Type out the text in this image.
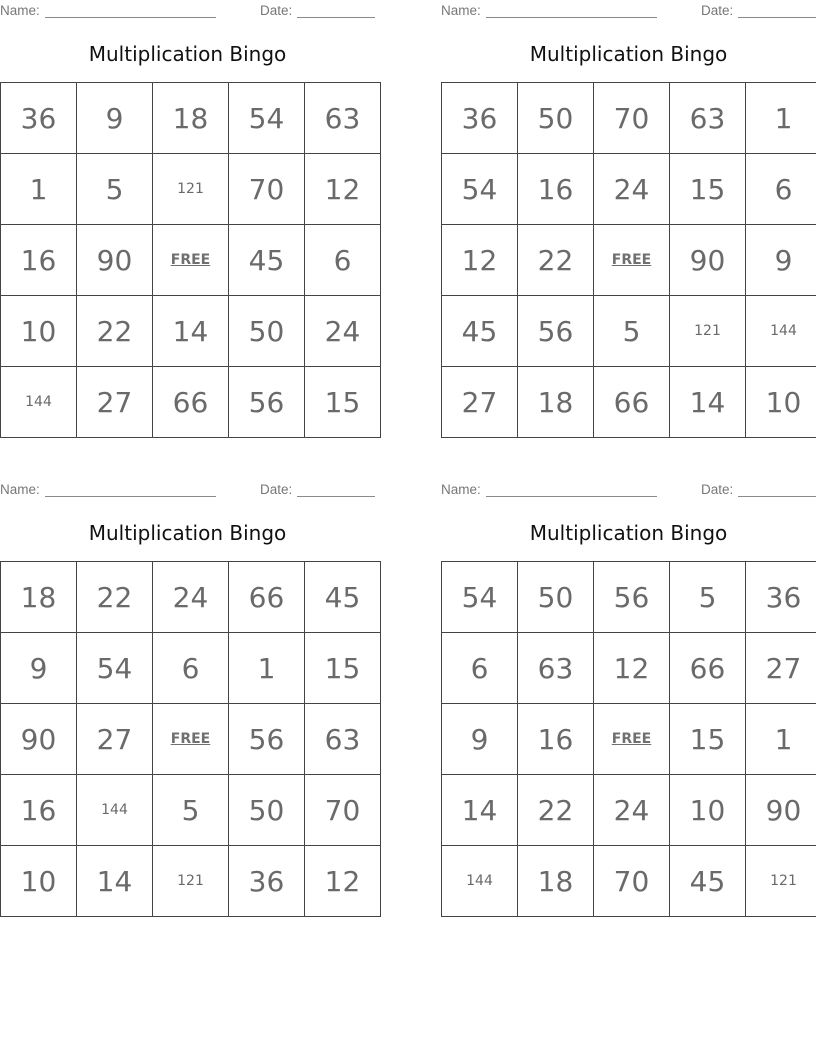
Name:	Date:
Multiplication Bingo
36	9	18	54	63
1	5	121	70	12
16	90	FREE	45	6
10	22	14	50	24
144	27	66	56	15
Name:	Date:
Multiplication Bingo
36	50	70	63	1
54	16	24	15	6
12	22	FREE	90	9
45	56	5	121	144
27	18	66	14	10
Name:	Date:
Multiplication Bingo
18	22	24	66	45
9	54	6	1	15
90	27	FREE	56	63
16	144	5	50	70
10	14	121	36	12
Name:	Date:
Multiplication Bingo
54	50	56	5	36
6	63	12	66	27
9	16	FREE	15	1
14	22	24	10	90
144	18	70	45	121
